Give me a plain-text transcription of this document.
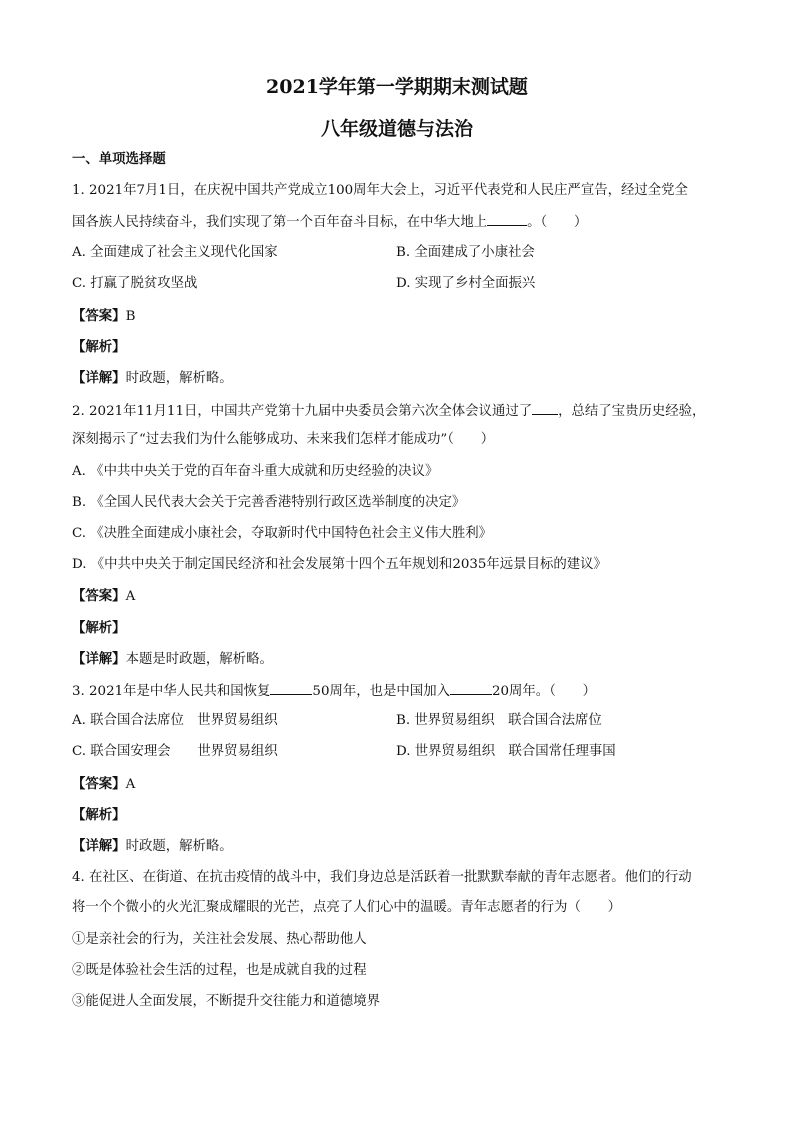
2021学年第一学期期末测试题
八年级道德与法治
一、单项选择题
1. 2021年7月1日，在庆祝中国共产党成立100周年大会上，习近平代表党和人民庄严宣告，经过全党全
国各族人民持续奋斗，我们实现了第一个百年奋斗目标，在中华大地上	。（　　）
A. 全面建成了社会主义现代化国家	B. 全面建成了小康社会
C. 打赢了脱贫攻坚战	D. 实现了乡村全面振兴
【答案】B
【解析】
【详解】时政题，解析略。
2. 2021年11月11日，中国共产党第十九届中央委员会第六次全体会议通过了 ，总结了宝贵历史经验，
深刻揭示了“过去我们为什么能够成功、未来我们怎样才能成功”（　　）
A. 《中共中央关于党的百年奋斗重大成就和历史经验的决议》
B. 《全国人民代表大会关于完善香港特别行政区选举制度的决定》
C. 《决胜全面建成小康社会，夺取新时代中国特色社会主义伟大胜利》
D. 《中共中央关于制定国民经济和社会发展第十四个五年规划和2035年远景目标的建议》
【答案】A
【解析】
【详解】本题是时政题，解析略。
3. 2021年是中华人民共和国恢复	50周年，也是中国加入	20周年。（　　）
A. 联合国合法席位　世界贸易组织	B. 世界贸易组织　联合国合法席位
C. 联合国安理会　　世界贸易组织	D. 世界贸易组织　联合国常任理事国
【答案】A
【解析】
【详解】时政题，解析略。
4. 在社区、在街道、在抗击疫情的战斗中，我们身边总是活跃着一批默默奉献的青年志愿者。他们的行动
将一个个微小的火光汇聚成耀眼的光芒，点亮了人们心中的温暖。青年志愿者的行为（　　）
①是亲社会的行为，关注社会发展、热心帮助他人
②既是体验社会生活的过程，也是成就自我的过程
③能促进人全面发展，不断提升交往能力和道德境界
